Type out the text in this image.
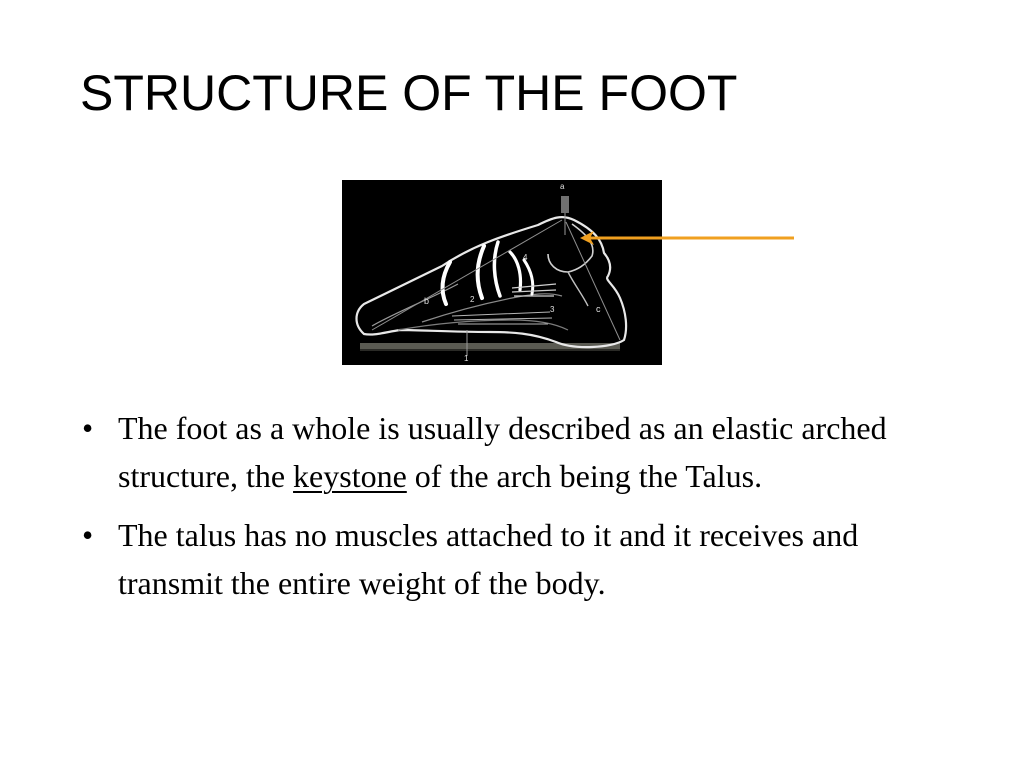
STRUCTURE OF THE FOOT
a
b
c
1
2
3
4
• The foot as a whole is usually described as an elastic arched structure, the keystone of the arch being the Talus.
• The talus has no muscles attached to it and it receives and transmit the entire weight of the body.
